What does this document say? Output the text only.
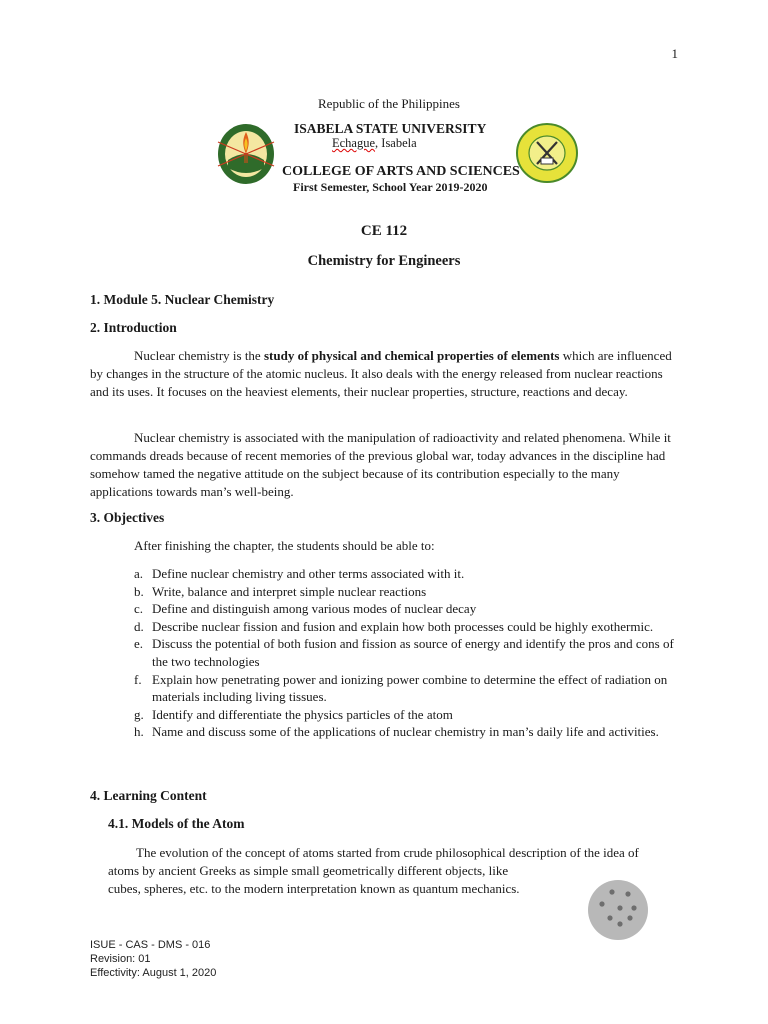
1
Republic of the Philippines
ISABELA STATE UNIVERSITY
Echague, Isabela
COLLEGE OF ARTS AND SCIENCES
First Semester, School Year 2019-2020
CE 112
Chemistry for Engineers
1. Module 5. Nuclear Chemistry
2. Introduction
Nuclear chemistry is the study of physical and chemical properties of elements which are influenced by changes in the structure of the atomic nucleus. It also deals with the energy released from nuclear reactions and its uses. It focuses on the heaviest elements, their nuclear properties, structure, reactions and decay.
Nuclear chemistry is associated with the manipulation of radioactivity and related phenomena. While it commands dreads because of recent memories of the previous global war, today advances in the discipline had somehow tamed the negative attitude on the subject because of its contribution especially to the many applications towards man’s well-being.
3. Objectives
After finishing the chapter, the students should be able to:
a. Define nuclear chemistry and other terms associated with it.
b. Write, balance and interpret simple nuclear reactions
c. Define and distinguish among various modes of nuclear decay
d. Describe nuclear fission and fusion and explain how both processes could be highly exothermic.
e. Discuss the potential of both fusion and fission as source of energy and identify the pros and cons of the two technologies
f. Explain how penetrating power and ionizing power combine to determine the effect of radiation on materials including living tissues.
g. Identify and differentiate the physics particles of the atom
h. Name and discuss some of the applications of nuclear chemistry in man’s daily life and activities.
4. Learning Content
4.1. Models of the Atom
The evolution of the concept of atoms started from crude philosophical description of the idea of
atoms by ancient Greeks as simple small geometrically different objects, like
cubes, spheres, etc. to the modern interpretation known as quantum mechanics.
ISUE - CAS - DMS - 016
Revision: 01
Effectivity: August 1, 2020
